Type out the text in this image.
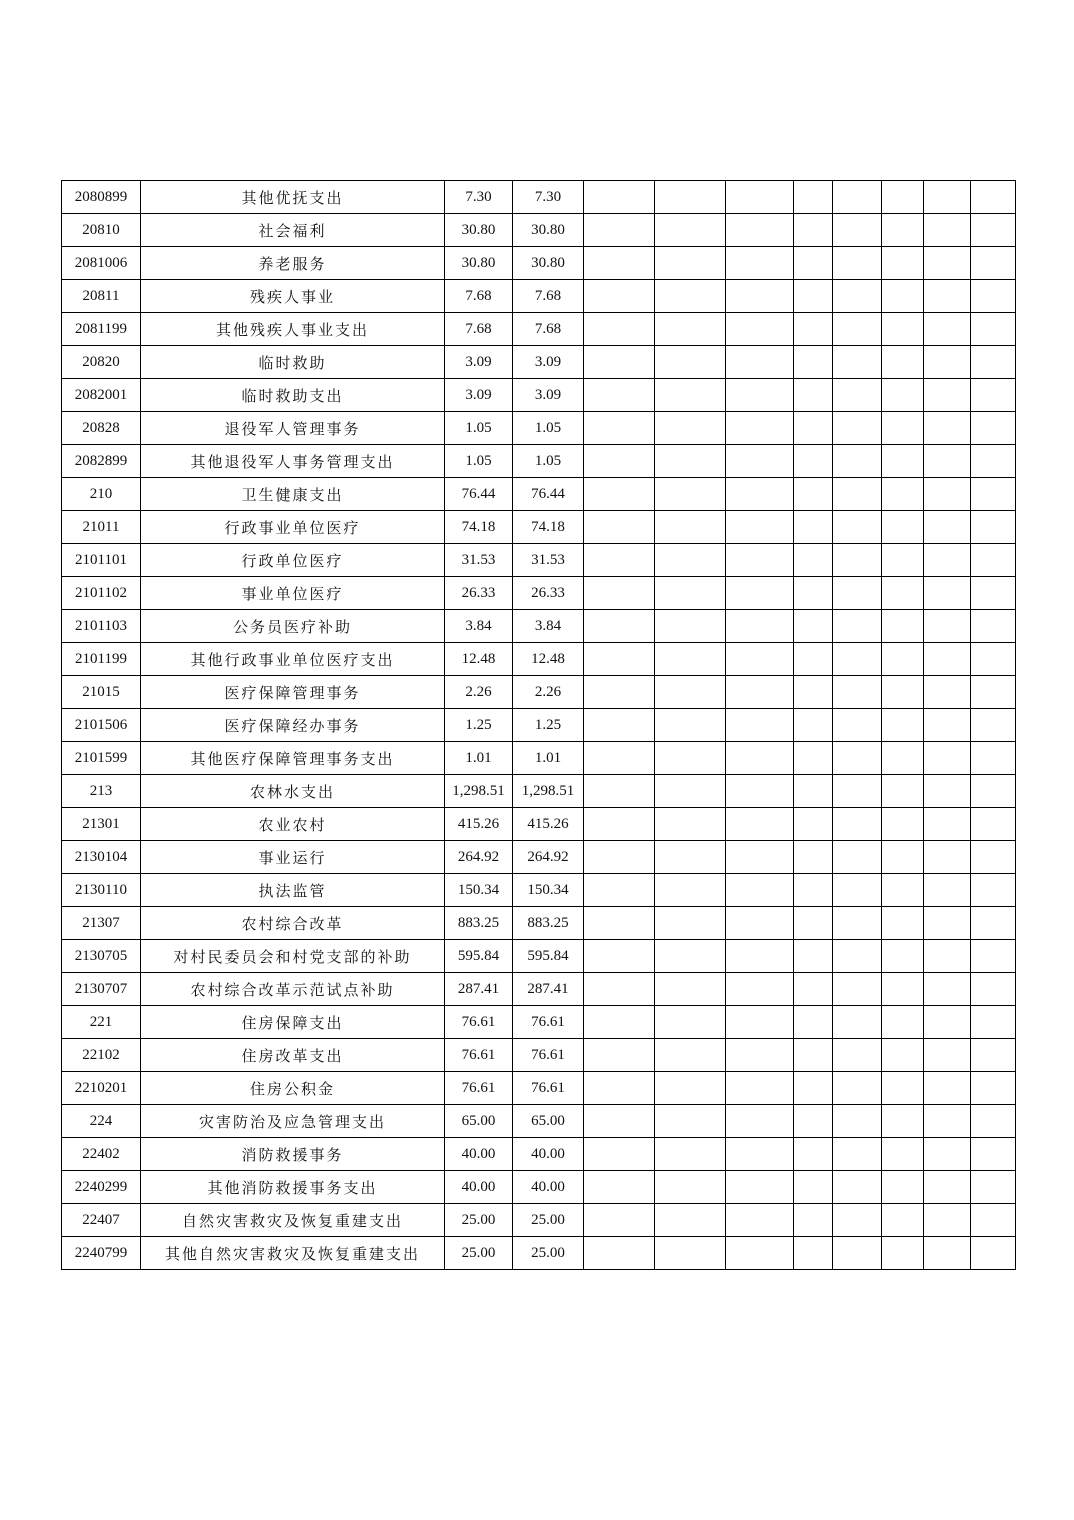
2080899	其他优抚支出	7.30	7.30								
20810	社会福利	30.80	30.80								
2081006	养老服务	30.80	30.80								
20811	残疾人事业	7.68	7.68								
2081199	其他残疾人事业支出	7.68	7.68								
20820	临时救助	3.09	3.09								
2082001	临时救助支出	3.09	3.09								
20828	退役军人管理事务	1.05	1.05								
2082899	其他退役军人事务管理支出	1.05	1.05								
210	卫生健康支出	76.44	76.44								
21011	行政事业单位医疗	74.18	74.18								
2101101	行政单位医疗	31.53	31.53								
2101102	事业单位医疗	26.33	26.33								
2101103	公务员医疗补助	3.84	3.84								
2101199	其他行政事业单位医疗支出	12.48	12.48								
21015	医疗保障管理事务	2.26	2.26								
2101506	医疗保障经办事务	1.25	1.25								
2101599	其他医疗保障管理事务支出	1.01	1.01								
213	农林水支出	1,298.51	1,298.51								
21301	农业农村	415.26	415.26								
2130104	事业运行	264.92	264.92								
2130110	执法监管	150.34	150.34								
21307	农村综合改革	883.25	883.25								
2130705	对村民委员会和村党支部的补助	595.84	595.84								
2130707	农村综合改革示范试点补助	287.41	287.41								
221	住房保障支出	76.61	76.61								
22102	住房改革支出	76.61	76.61								
2210201	住房公积金	76.61	76.61								
224	灾害防治及应急管理支出	65.00	65.00								
22402	消防救援事务	40.00	40.00								
2240299	其他消防救援事务支出	40.00	40.00								
22407	自然灾害救灾及恢复重建支出	25.00	25.00								
2240799	其他自然灾害救灾及恢复重建支出	25.00	25.00								
